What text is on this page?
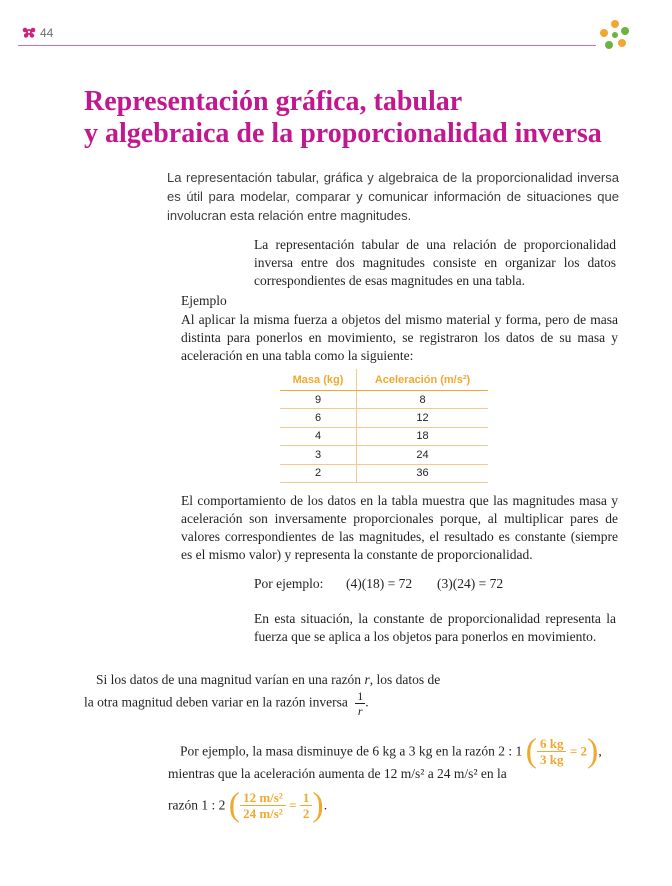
44
Representación gráfica, tabular
y algebraica de la proporcionalidad inversa

La representación tabular, gráfica y algebraica de la proporcionalidad inversa es útil para modelar, comparar y comunicar información de situaciones que involucran esta relación entre magnitudes.

La representación tabular de una relación de proporcionalidad inversa entre dos magnitudes consiste en organizar los datos correspondientes de esas magnitudes en una tabla.

Ejemplo

Al aplicar la misma fuerza a objetos del mismo material y forma, pero de masa distinta para ponerlos en movimiento, se registraron los datos de su masa y aceleración en una tabla como la siguiente:

Masa (kg)	Aceleración (m/s²)
9	8
6	12
4	18
3	24
2	36

El comportamiento de los datos en la tabla muestra que las magnitudes masa y aceleración son inversamente proporcionales porque, al multiplicar pares de valores correspondientes de las magnitudes, el resultado es constante (siempre es el mismo valor) y representa la constante de proporcionalidad.

Por ejemplo: (4)(18) = 72 (3)(24) = 72

En esta situación, la constante de proporcionalidad representa la fuerza que se aplica a los objetos para ponerlos en movimiento.

Si los datos de una magnitud varían en una razón r, los datos de
la otra magnitud deben variar en la razón inversa $\frac{1}{r}$ .
Por ejemplo, la masa disminuye de 6 kg a 3 kg en la razón 2 : 1 ( $\frac{6 kg}{3 kg} = 2$),
mientras que la aceleración aumenta de 12 m/s² a 24 m/s² en la
razón 1 : 2 ( $\frac{\text{12 m/s²}}{\text{24 m/s²}} = \frac{1}{2}$ ).
